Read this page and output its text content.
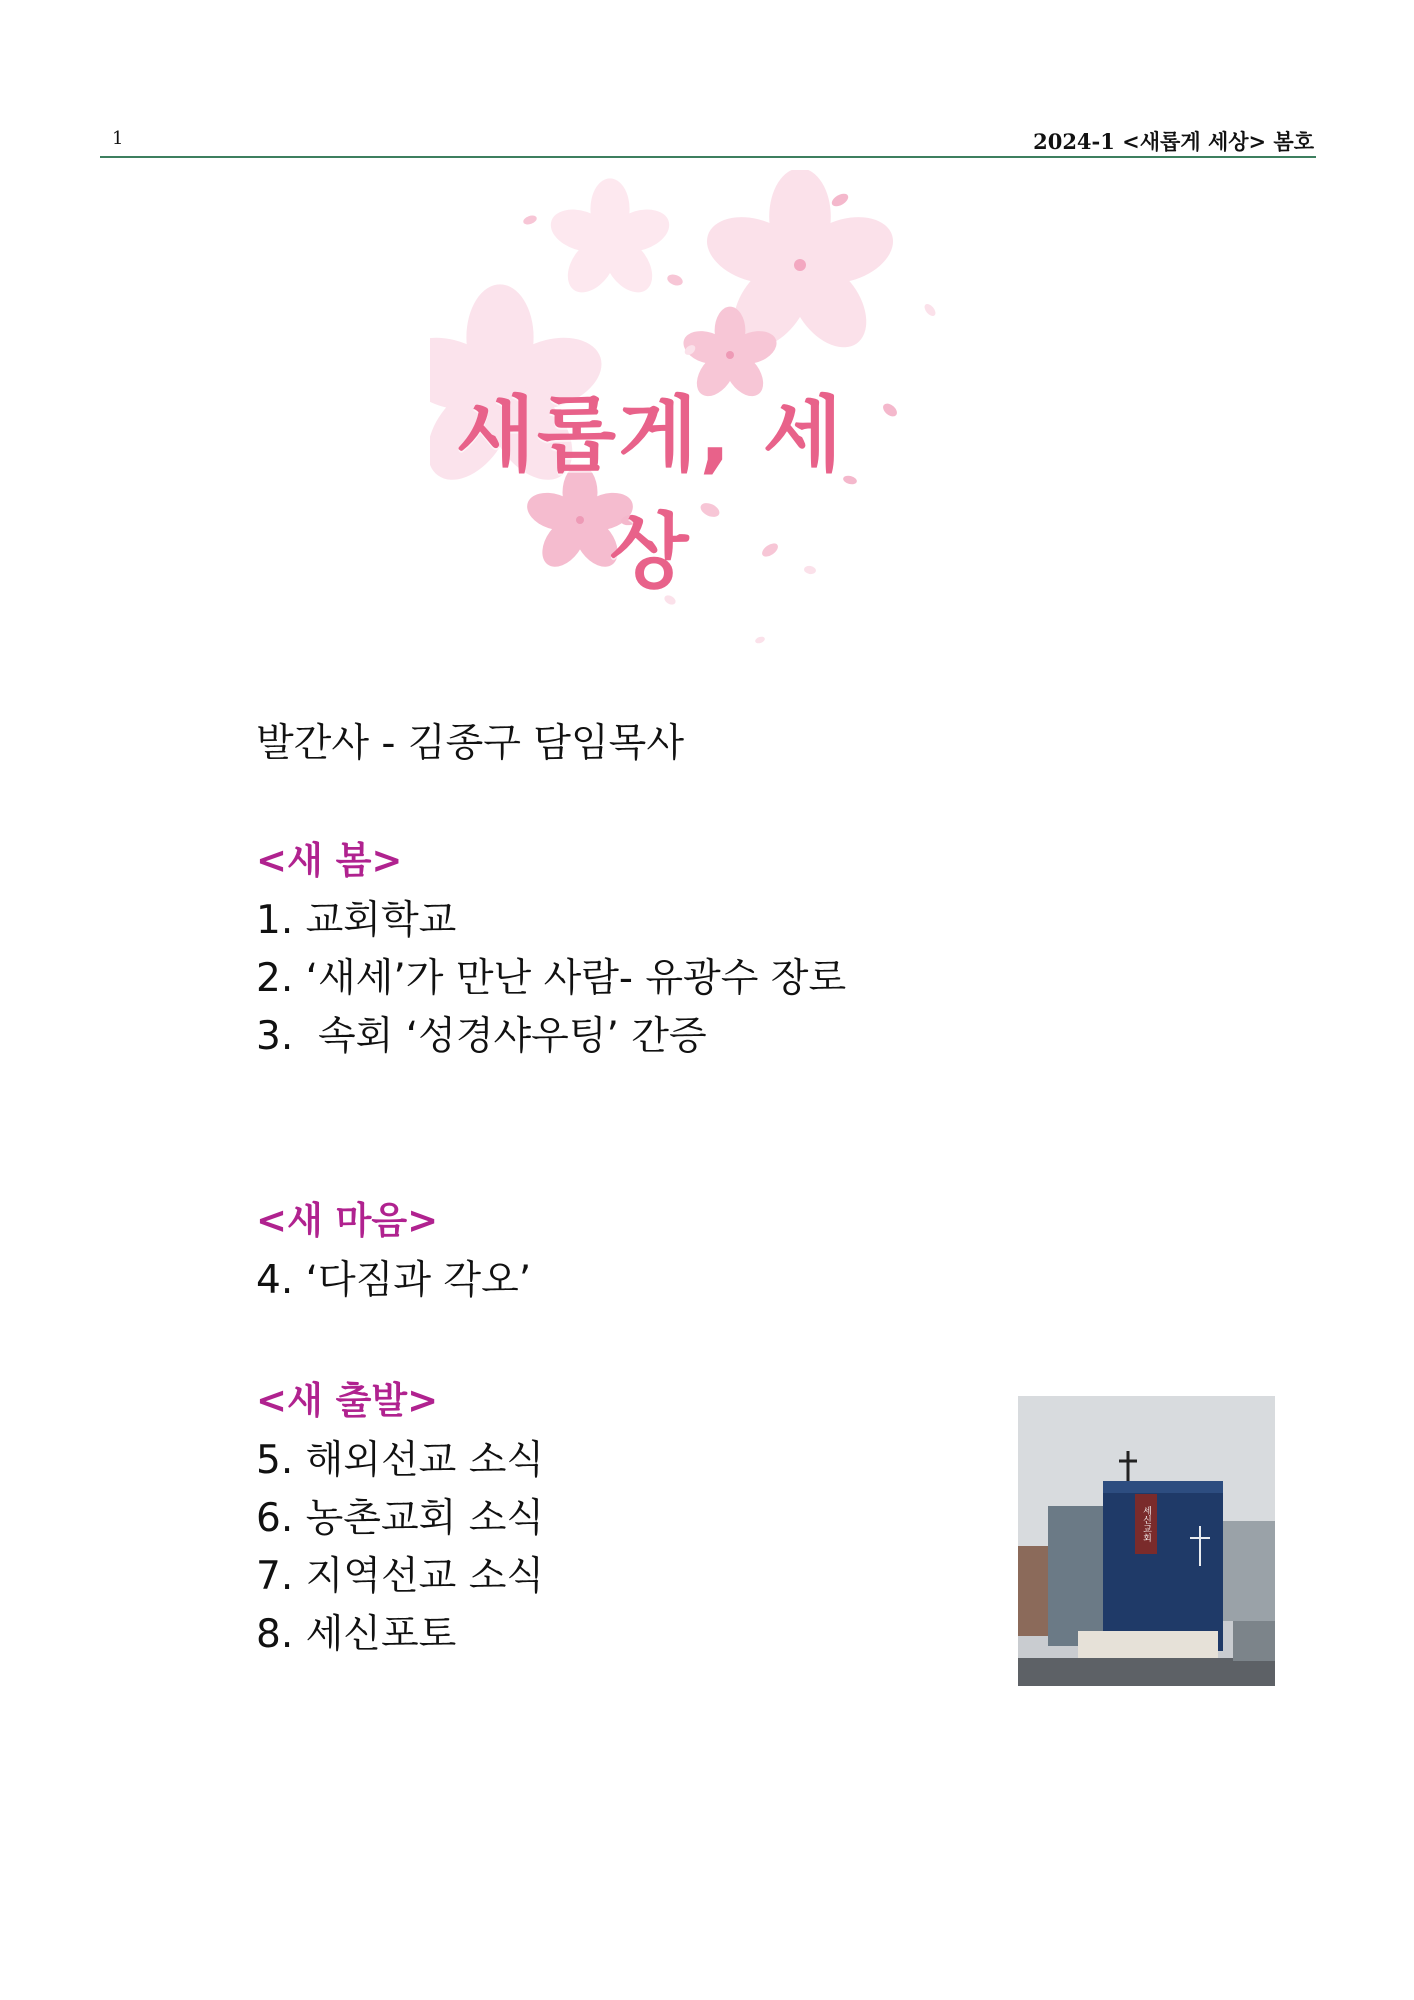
1	2024-1 <새롭게 세상> 봄호
새롭게, 세상
발간사 - 김종구 담임목사
<새 봄>
1. 교회학교
2. ‘새세’가 만난 사람- 유광수 장로
3.  속회 ‘성경샤우팅’ 간증
<새 마음>
4. ‘다짐과 각오’
<새 출발>
5. 해외선교 소식
6. 농촌교회 소식
7. 지역선교 소식
8. 세신포토
세신교회
